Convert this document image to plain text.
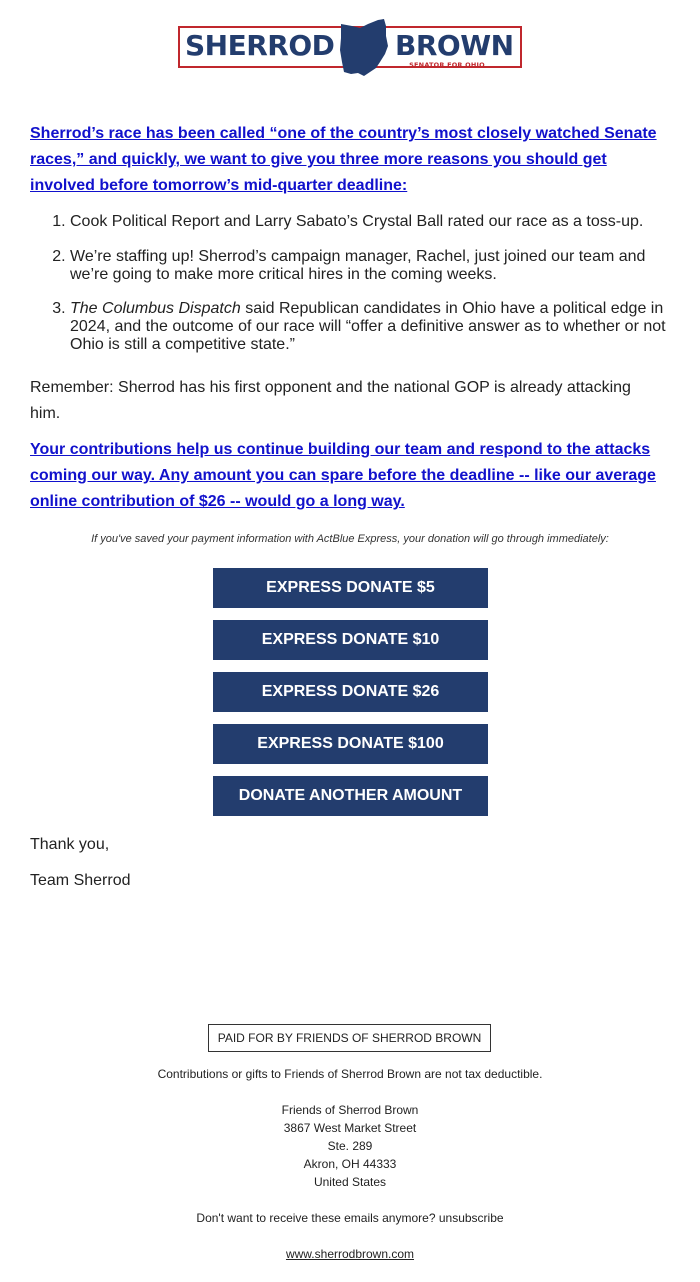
SHERROD BROWN
SENATOR FOR OHIO
Sherrod’s race has been called “one of the country’s most closely watched Senate races,” and quickly, we want to give you three more reasons you should get involved before tomorrow’s mid-quarter deadline:
1. Cook Political Report and Larry Sabato’s Crystal Ball rated our race as a toss-up.
2. We’re staffing up! Sherrod’s campaign manager, Rachel, just joined our team and we’re going to make more critical hires in the coming weeks.
3. The Columbus Dispatch said Republican candidates in Ohio have a political edge in 2024, and the outcome of our race will “offer a definitive answer as to whether or not Ohio is still a competitive state.”

Remember: Sherrod has his first opponent and the national GOP is already attacking him.

Your contributions help us continue building our team and respond to the attacks coming our way. Any amount you can spare before the deadline -- like our average online contribution of $26 -- would go a long way.

If you've saved your payment information with ActBlue Express, your donation will go through immediately:

EXPRESS DONATE $5
EXPRESS DONATE $10
EXPRESS DONATE $26
EXPRESS DONATE $100
DONATE ANOTHER AMOUNT

Thank you,

Team Sherrod

PAID FOR BY FRIENDS OF SHERROD BROWN

Contributions or gifts to Friends of Sherrod Brown are not tax deductible.

Friends of Sherrod Brown
3867 West Market Street
Ste. 289
Akron, OH 44333
United States

Don't want to receive these emails anymore? unsubscribe

www.sherrodbrown.com
